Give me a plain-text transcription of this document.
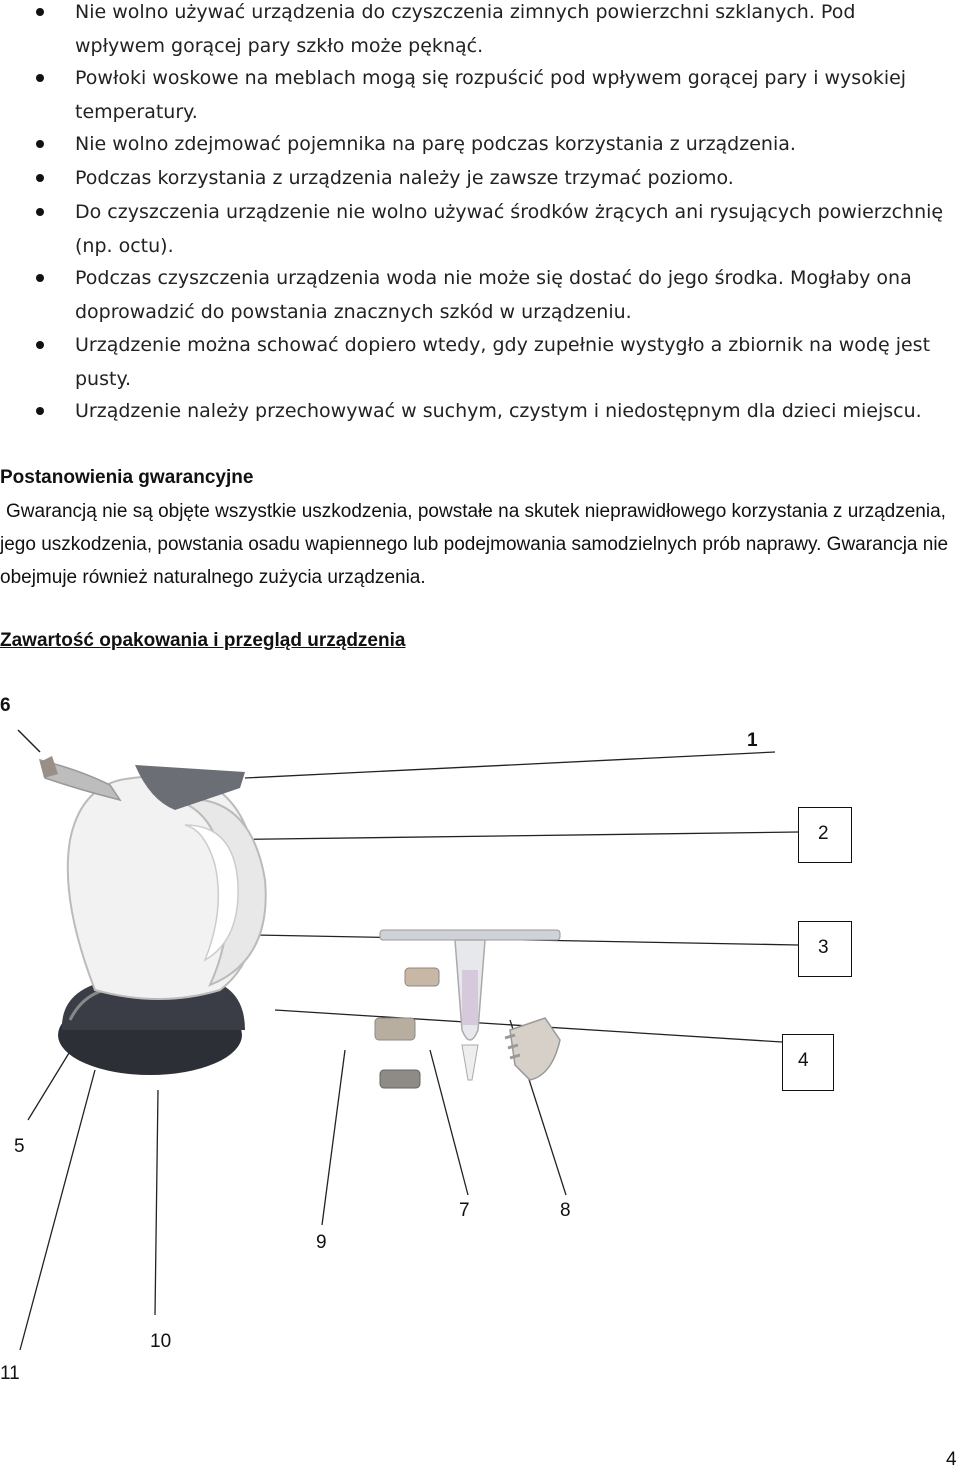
Nie wolno używać urządzenia do czyszczenia zimnych powierzchni szklanych. Pod wpływem gorącej pary szkło może pęknąć.
Powłoki woskowe na meblach mogą się rozpuścić pod wpływem gorącej pary i wysokiej temperatury.
Nie wolno zdejmować pojemnika na parę podczas korzystania z urządzenia.
Podczas korzystania z urządzenia należy je zawsze trzymać poziomo.
Do czyszczenia urządzenie nie wolno używać środków żrących ani rysujących powierzchnię (np. octu).
Podczas czyszczenia urządzenia woda nie może się dostać do jego środka. Mogłaby ona doprowadzić do powstania znacznych szkód w urządzeniu.
Urządzenie można schować dopiero wtedy, gdy zupełnie wystygło a zbiornik na wodę jest pusty.
Urządzenie należy przechowywać w suchym, czystym i niedostępnym dla dzieci miejscu.
Postanowienia gwarancyjne
Gwarancją nie są objęte wszystkie uszkodzenia, powstałe na skutek nieprawidłowego korzystania z urządzenia, jego uszkodzenia, powstania osadu wapiennego lub podejmowania samodzielnych prób naprawy. Gwarancja nie obejmuje również naturalnego zużycia urządzenia.
Zawartość opakowania i przegląd urządzenia
6
1
2
3
4
5
7	8
9
10
11
4
